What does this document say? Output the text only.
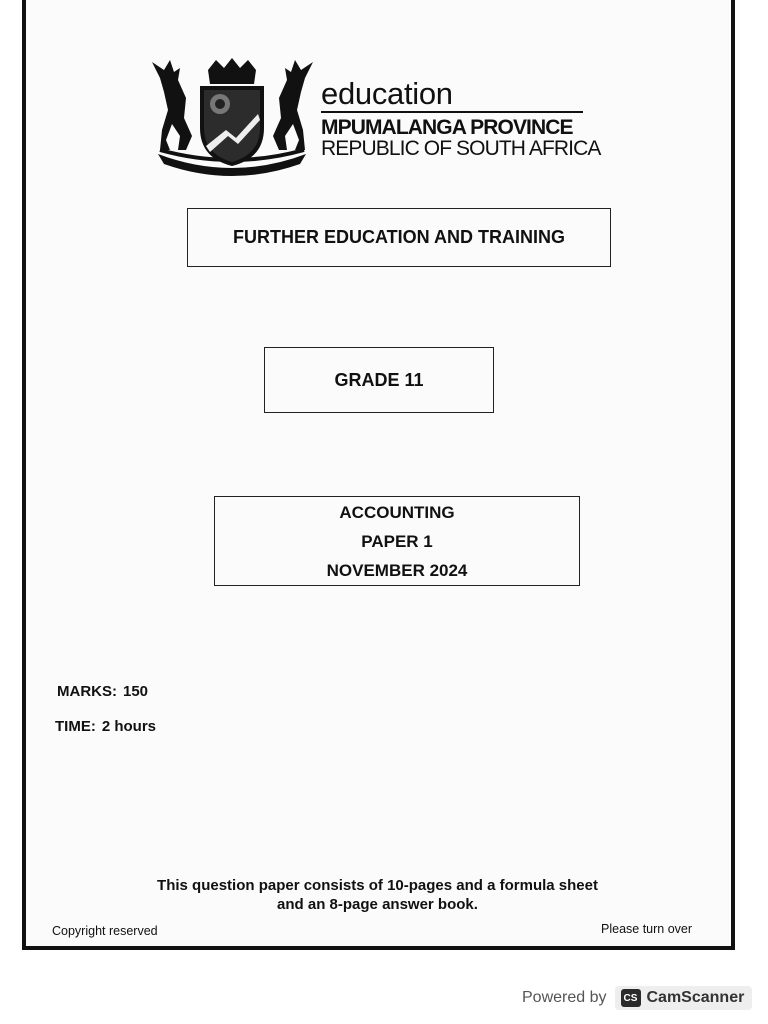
education
MPUMALANGA PROVINCE
REPUBLIC OF SOUTH AFRICA
FURTHER EDUCATION AND TRAINING
GRADE 11
ACCOUNTING
PAPER 1
NOVEMBER 2024
MARKS: 150
TIME: 2 hours
This question paper consists of 10-pages and a formula sheet
and an 8-page answer book.
Copyright reserved	Please turn over
Powered by	CS CamScanner
